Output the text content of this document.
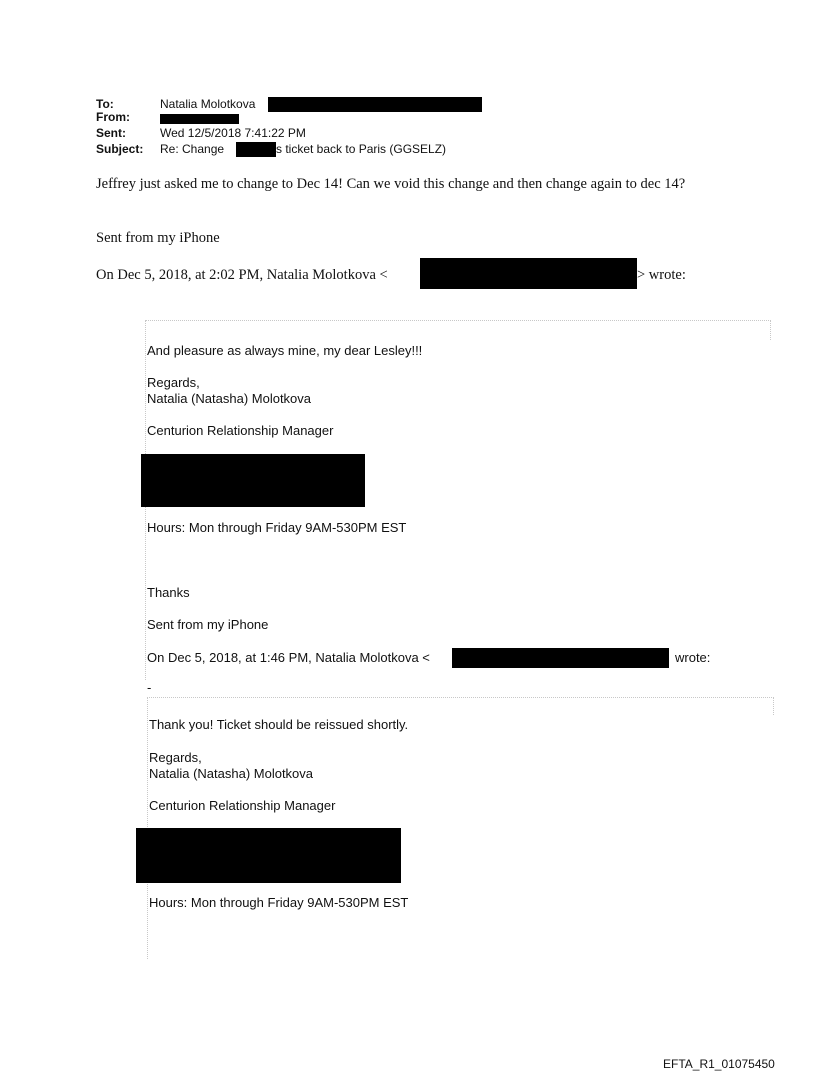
To:	Natalia Molotkova
From:
Sent:	Wed 12/5/2018 7:41:22 PM
Subject: Re: Change	s ticket back to Paris (GGSELZ)
Jeffrey just asked me to change to Dec 14! Can we void this change and then change again to dec 14?
Sent from my iPhone
On Dec 5, 2018, at 2:02 PM, Natalia Molotkova <	> wrote:
And pleasure as always mine, my dear Lesley!!!
Regards,
Natalia (Natasha) Molotkova
Centurion Relationship Manager
Hours: Mon through Friday 9AM-530PM EST
Thanks
Sent from my iPhone
On Dec 5, 2018, at 1:46 PM, Natalia Molotkova <	wrote:
-
Thank you! Ticket should be reissued shortly.
Regards,
Natalia (Natasha) Molotkova
Centurion Relationship Manager
Hours: Mon through Friday 9AM-530PM EST
EFTA_R1_01075450
